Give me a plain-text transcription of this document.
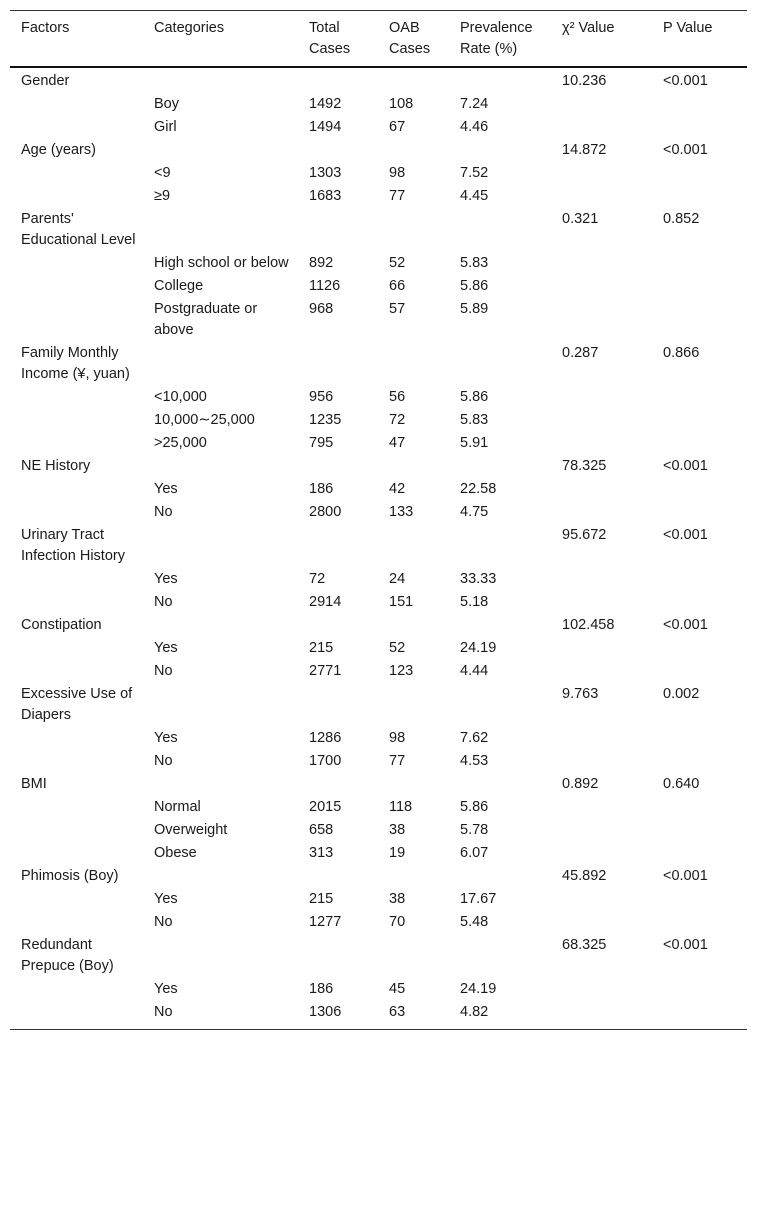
Factors	Categories	Total Cases	OAB Cases	Prevalence Rate (%)	χ² Value	P Value
Gender					10.236	<0.001
	Boy	1492	108	7.24		
	Girl	1494	67	4.46		
Age (years)					14.872	<0.001
	<9	1303	98	7.52		
	≥9	1683	77	4.45		
Parents' Educational Level					0.321	0.852
	High school or below	892	52	5.83		
	College	1126	66	5.86		
	Postgraduate or above	968	57	5.89		
Family Monthly Income (¥, yuan)					0.287	0.866
	<10,000	956	56	5.86		
	10,000∼25,000	1235	72	5.83		
	>25,000	795	47	5.91		
NE History					78.325	<0.001
	Yes	186	42	22.58		
	No	2800	133	4.75		
Urinary Tract Infection History					95.672	<0.001
	Yes	72	24	33.33		
	No	2914	151	5.18		
Constipation					102.458	<0.001
	Yes	215	52	24.19		
	No	2771	123	4.44		
Excessive Use of Diapers					9.763	0.002
	Yes	1286	98	7.62		
	No	1700	77	4.53		
BMI					0.892	0.640
	Normal	2015	118	5.86		
	Overweight	658	38	5.78		
	Obese	313	19	6.07		
Phimosis (Boy)					45.892	<0.001
	Yes	215	38	17.67		
	No	1277	70	5.48		
Redundant Prepuce (Boy)					68.325	<0.001
	Yes	186	45	24.19		
	No	1306	63	4.82		
